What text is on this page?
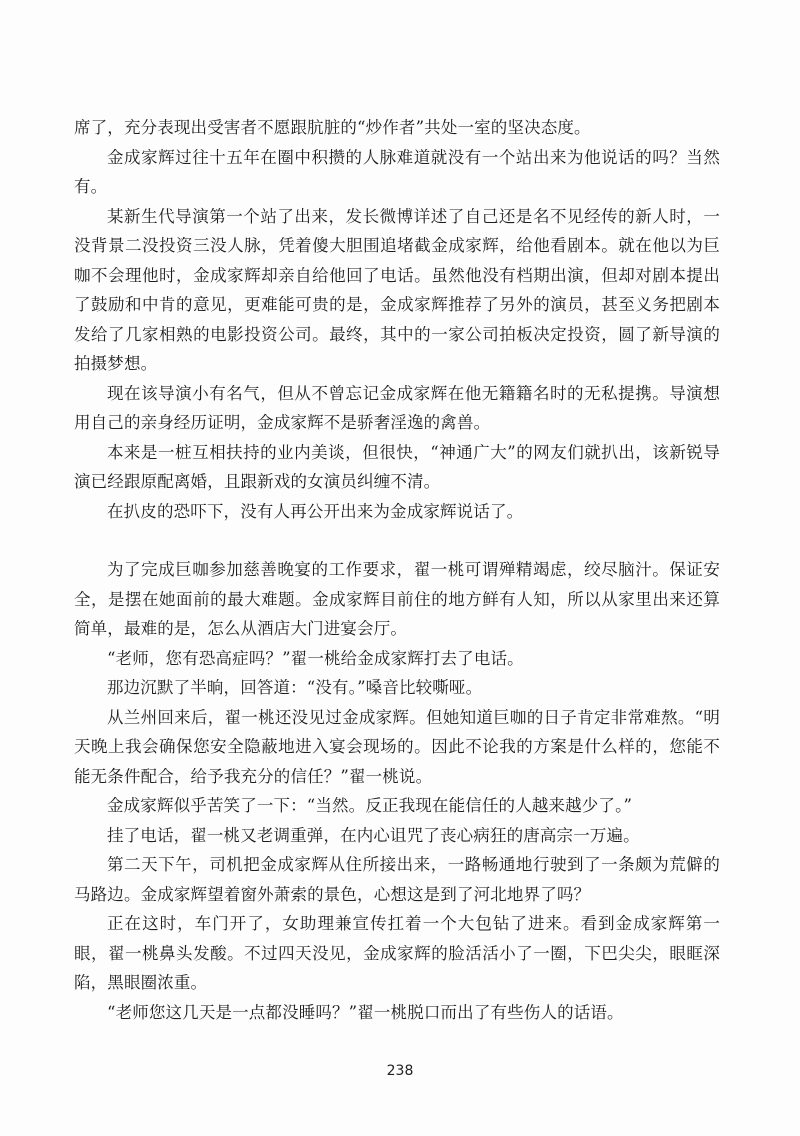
席了，充分表现出受害者不愿跟肮脏的“炒作者”共处一室的坚决态度。

金成家辉过往十五年在圈中积攒的人脉难道就没有一个站出来为他说话的吗？当然有。

某新生代导演第一个站了出来，发长微博详述了自己还是名不见经传的新人时，一没背景二没投资三没人脉，凭着傻大胆围追堵截金成家辉，给他看剧本。就在他以为巨咖不会理他时，金成家辉却亲自给他回了电话。虽然他没有档期出演，但却对剧本提出了鼓励和中肯的意见，更难能可贵的是，金成家辉推荐了另外的演员，甚至义务把剧本发给了几家相熟的电影投资公司。最终，其中的一家公司拍板决定投资，圆了新导演的拍摄梦想。

现在该导演小有名气，但从不曾忘记金成家辉在他无籍籍名时的无私提携。导演想用自己的亲身经历证明，金成家辉不是骄奢淫逸的禽兽。

本来是一桩互相扶持的业内美谈，但很快，“神通广大”的网友们就扒出，该新锐导演已经跟原配离婚，且跟新戏的女演员纠缠不清。

在扒皮的恐吓下，没有人再公开出来为金成家辉说话了。

为了完成巨咖参加慈善晚宴的工作要求，翟一桃可谓殚精竭虑，绞尽脑汁。保证安全，是摆在她面前的最大难题。金成家辉目前住的地方鲜有人知，所以从家里出来还算简单，最难的是，怎么从酒店大门进宴会厅。

“老师，您有恐高症吗？”翟一桃给金成家辉打去了电话。

那边沉默了半晌，回答道：“没有。”嗓音比较嘶哑。

从兰州回来后，翟一桃还没见过金成家辉。但她知道巨咖的日子肯定非常难熬。“明天晚上我会确保您安全隐蔽地进入宴会现场的。因此不论我的方案是什么样的，您能不能无条件配合，给予我充分的信任？”翟一桃说。

金成家辉似乎苦笑了一下：“当然。反正我现在能信任的人越来越少了。”

挂了电话，翟一桃又老调重弹，在内心诅咒了丧心病狂的唐高宗一万遍。

第二天下午，司机把金成家辉从住所接出来，一路畅通地行驶到了一条颇为荒僻的马路边。金成家辉望着窗外萧索的景色，心想这是到了河北地界了吗？

正在这时，车门开了，女助理兼宣传扛着一个大包钻了进来。看到金成家辉第一眼，翟一桃鼻头发酸。不过四天没见，金成家辉的脸活活小了一圈，下巴尖尖，眼眶深陷，黑眼圈浓重。

“老师您这几天是一点都没睡吗？”翟一桃脱口而出了有些伤人的话语。

238
